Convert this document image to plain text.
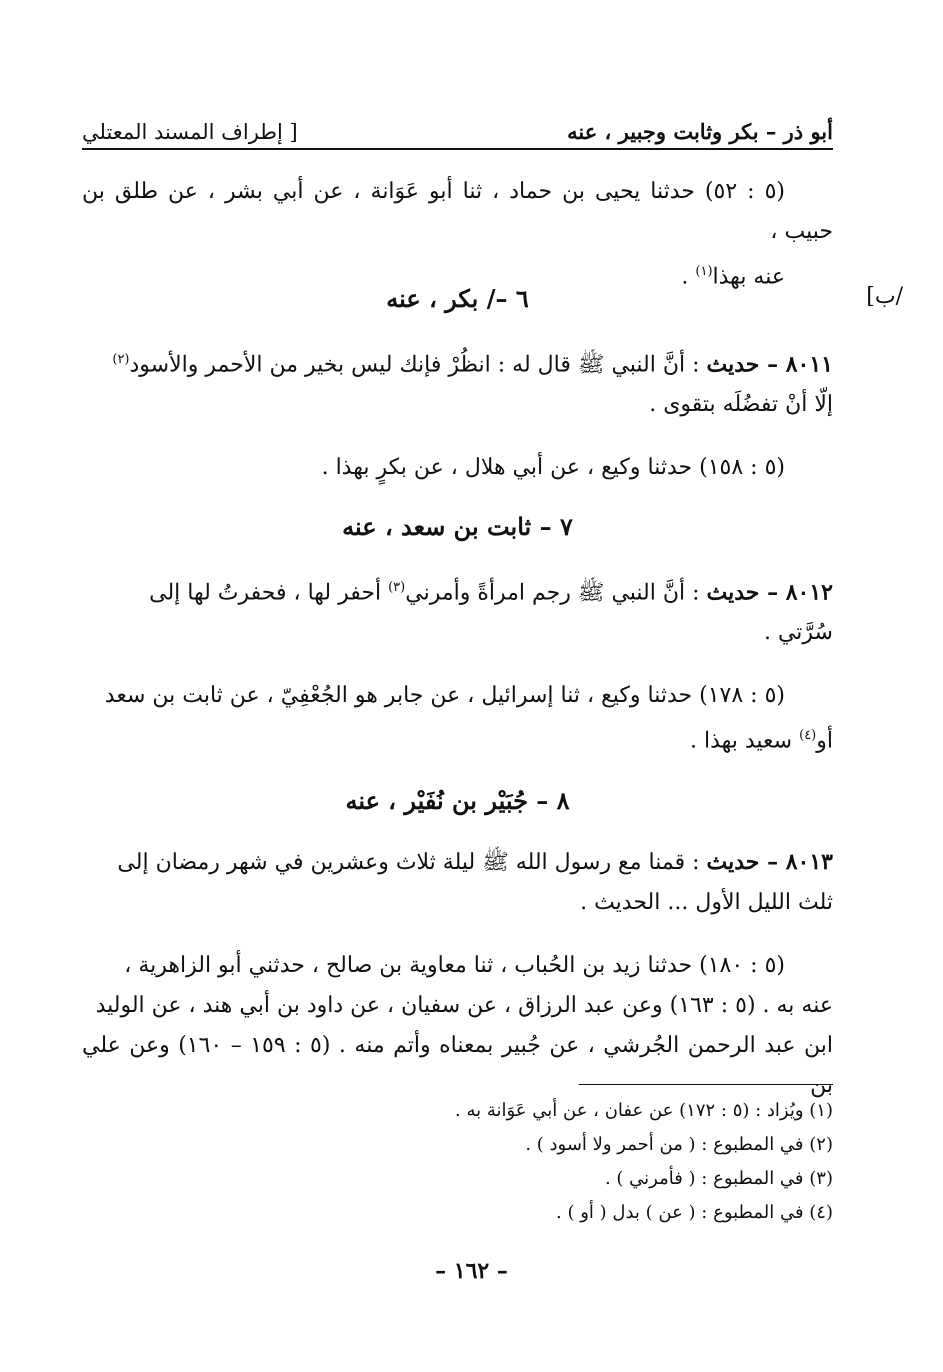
أبو ذر – بكر وثابت وجبير ، عنه
[ إطراف المسند المعتلي
(٥ : ٥٢) حدثنا يحيى بن حماد ، ثنا أبو عَوَانة ، عن أبي بشر ، عن طلق بن حبيب ،
عنه بهذا$^{(١)}$ .
/ب]
٦ –/ بكر ، عنه
٨٠١١ – حديث : أنَّ النبي ﷺ قال له : انظُرْ فإنك ليس بخير من الأحمر والأسود$^{(٢)}$
إلّا أنْ تفضُلَه بتقوى .
(٥ : ١٥٨) حدثنا وكيع ، عن أبي هلال ، عن بكرٍ بهذا .
٧ – ثابت بن سعد ، عنه
٨٠١٢ – حديث : أنَّ النبي ﷺ رجم امرأةً وأمرني$^{(٣)}$ أحفر لها ، فحفرتُ لها إلى
سُرَّتي .
(٥ : ١٧٨) حدثنا وكيع ، ثنا إسرائيل ، عن جابر هو الجُعْفِيّ ، عن ثابت بن سعد
أو$^{(٤)}$ سعيد بهذا .
٨ – جُبَيْر بن نُفَيْر ، عنه
٨٠١٣ – حديث : قمنا مع رسول الله ﷺ ليلة ثلاث وعشرين في شهر رمضان إلى
ثلث الليل الأول ... الحديث .
(٥ : ١٨٠) حدثنا زيد بن الحُباب ، ثنا معاوية بن صالح ، حدثني أبو الزاهرية ،
عنه به . (٥ : ١٦٣) وعن عبد الرزاق ، عن سفيان ، عن داود بن أبي هند ، عن الوليد
ابن عبد الرحمن الجُرشي ، عن جُبير بمعناه وأتم منه . (٥ : ١٥٩ – ١٦٠) وعن علي بن
(١) ويُزاد : (٥ : ١٧٢) عن عفان ، عن أبي عَوَانة به .
(٢) في المطبوع : ( من أحمر ولا أسود ) .
(٣) في المطبوع : ( فأمرني ) .
(٤) في المطبوع : ( عن ) بدل ( أو ) .
– ١٦٢ –
